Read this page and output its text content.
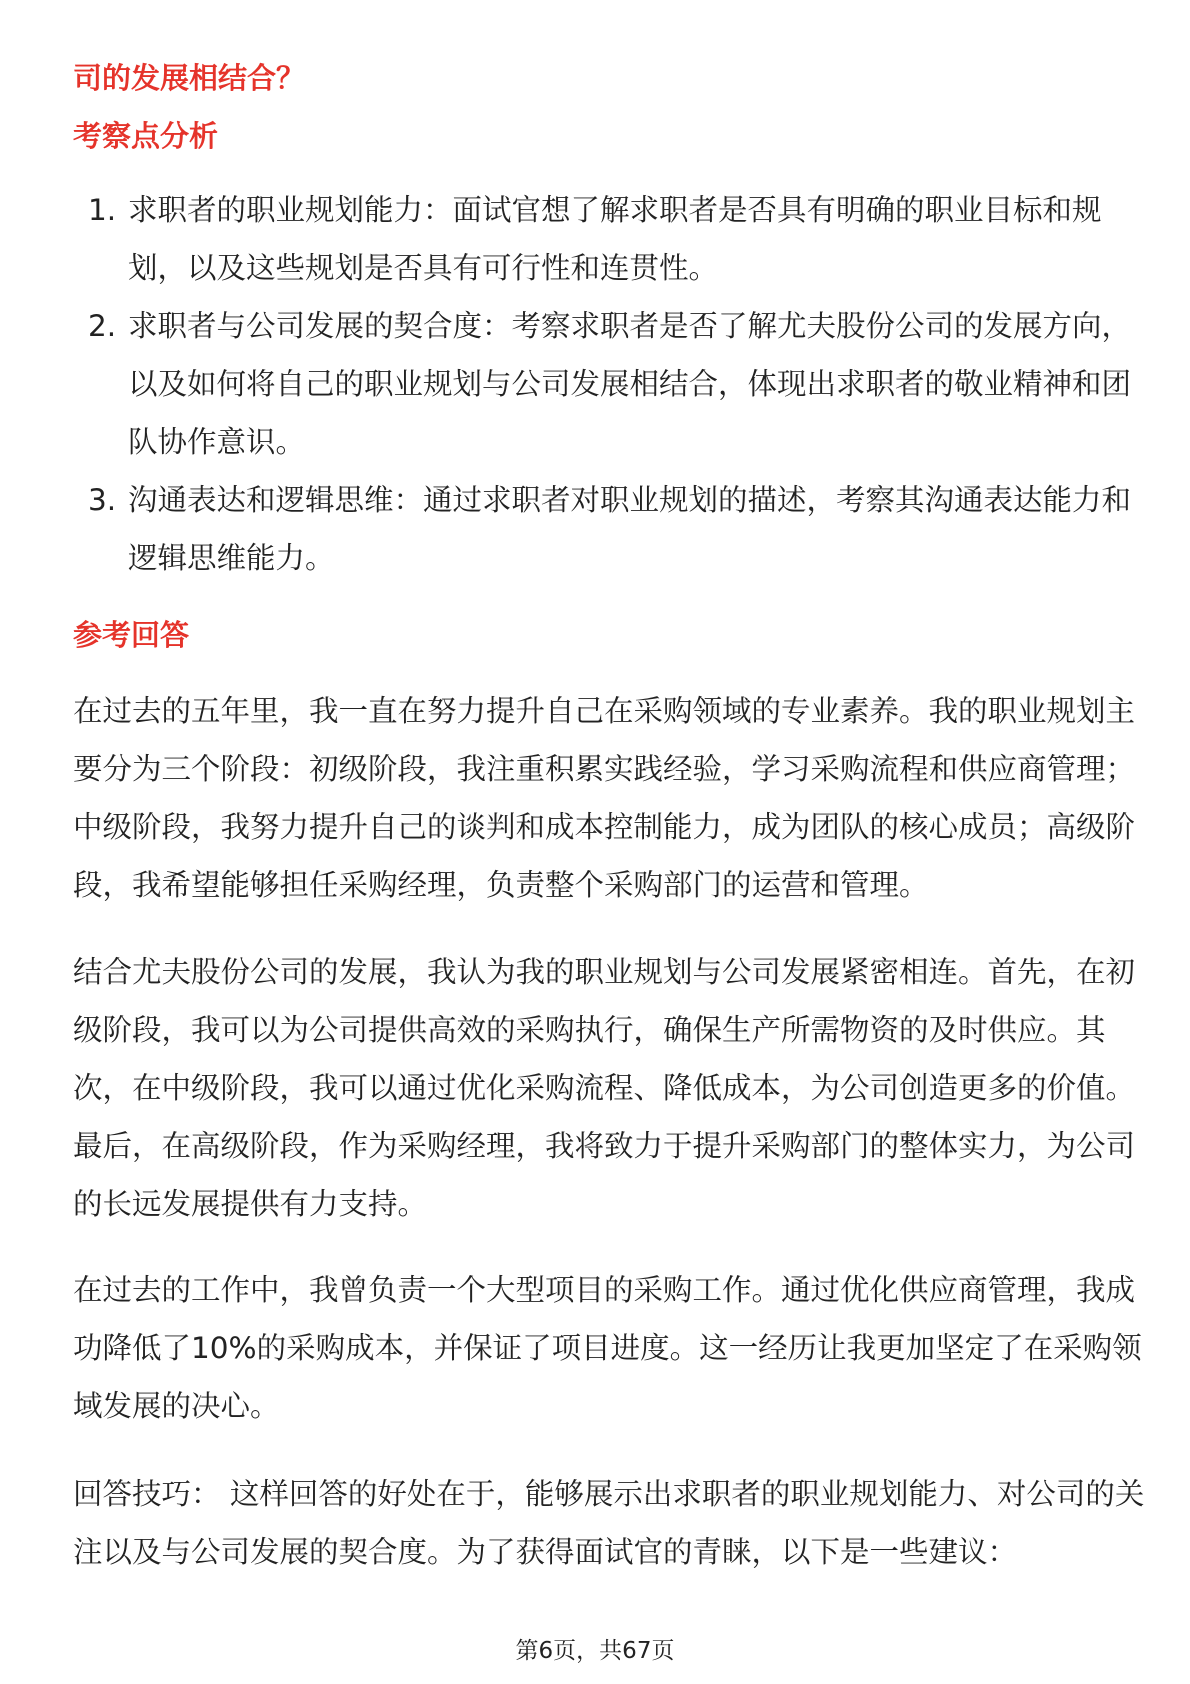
司的发展相结合？
考察点分析
1. 求职者的职业规划能力：面试官想了解求职者是否具有明确的职业目标和规
划，以及这些规划是否具有可行性和连贯性。
2. 求职者与公司发展的契合度：考察求职者是否了解尤夫股份公司的发展方向，
以及如何将自己的职业规划与公司发展相结合，体现出求职者的敬业精神和团
队协作意识。
3. 沟通表达和逻辑思维：通过求职者对职业规划的描述，考察其沟通表达能力和
逻辑思维能力。
参考回答
在过去的五年里，我一直在努力提升自己在采购领域的专业素养。我的职业规划主
要分为三个阶段：初级阶段，我注重积累实践经验，学习采购流程和供应商管理；
中级阶段，我努力提升自己的谈判和成本控制能力，成为团队的核心成员；高级阶
段，我希望能够担任采购经理，负责整个采购部门的运营和管理。
结合尤夫股份公司的发展，我认为我的职业规划与公司发展紧密相连。首先，在初
级阶段，我可以为公司提供高效的采购执行，确保生产所需物资的及时供应。其
次，在中级阶段，我可以通过优化采购流程、降低成本，为公司创造更多的价值。
最后，在高级阶段，作为采购经理，我将致力于提升采购部门的整体实力，为公司
的长远发展提供有力支持。
在过去的工作中，我曾负责一个大型项目的采购工作。通过优化供应商管理，我成
功降低了10%的采购成本，并保证了项目进度。这一经历让我更加坚定了在采购领
域发展的决心。
回答技巧： 这样回答的好处在于，能够展示出求职者的职业规划能力、对公司的关
注以及与公司发展的契合度。为了获得面试官的青睐，以下是一些建议：
第6页，共67页
